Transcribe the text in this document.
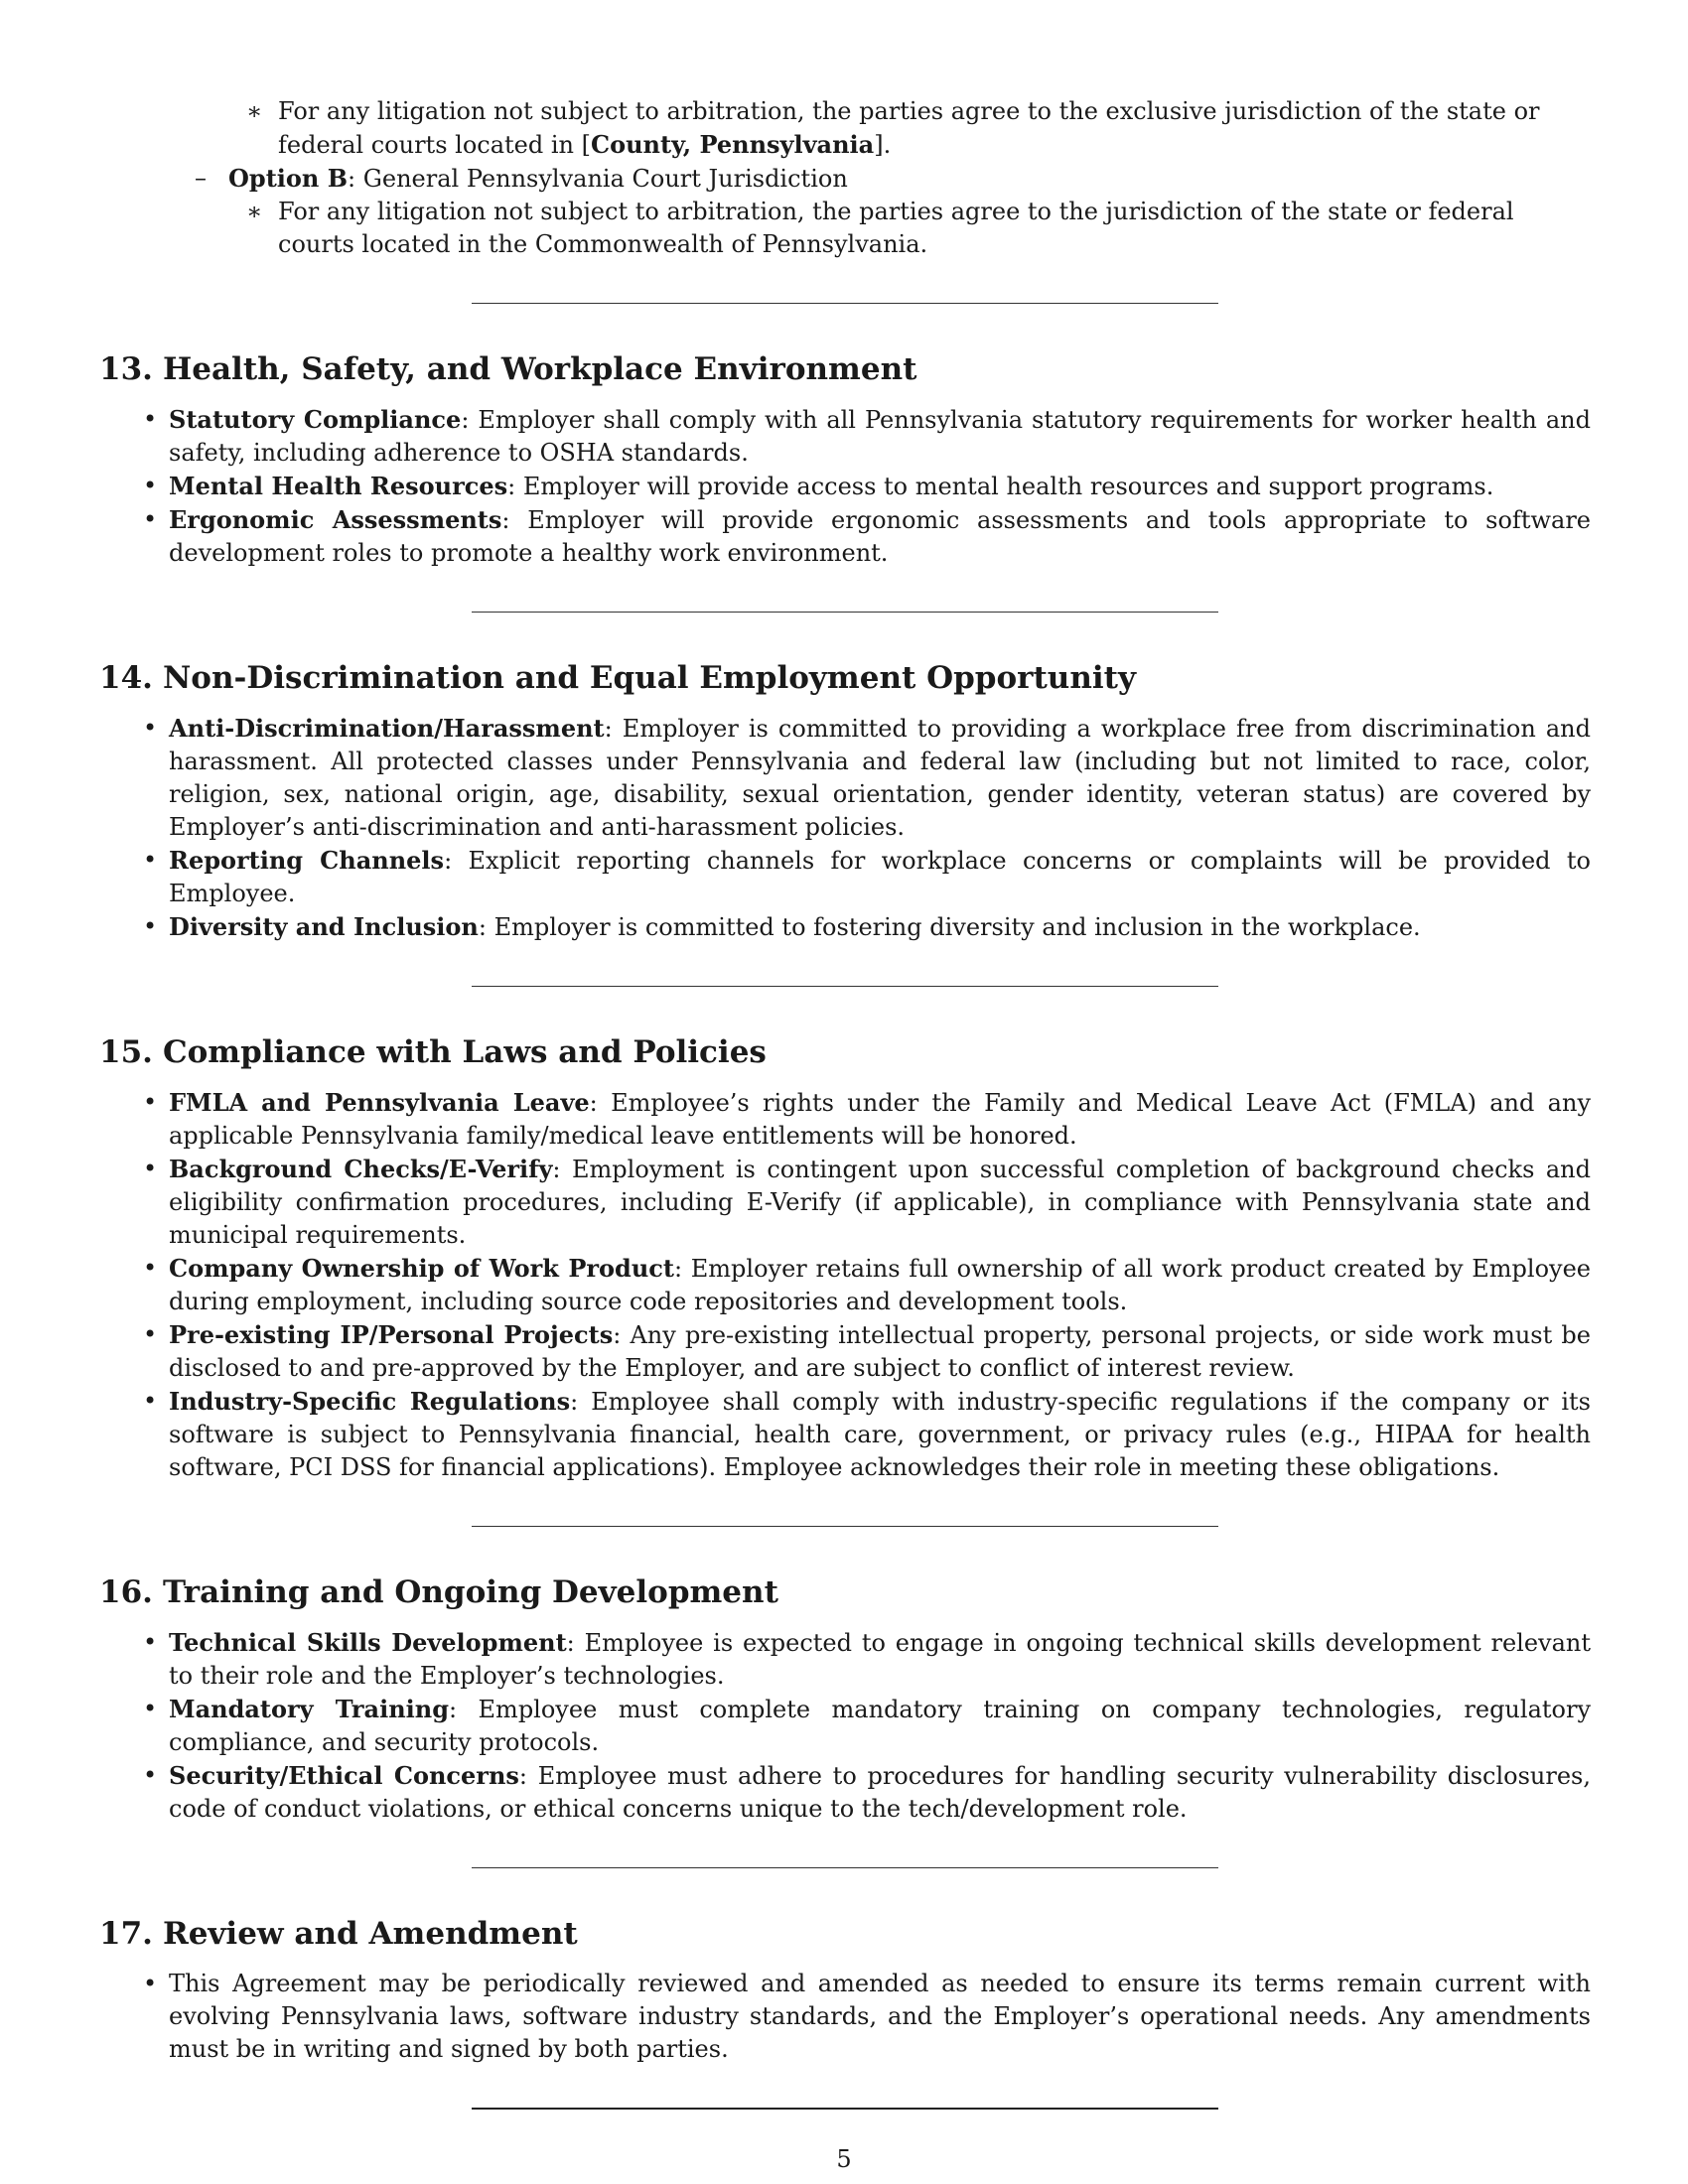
∗ For any litigation not subject to arbitration, the parties agree to the exclusive jurisdiction of the state or federal courts located in [County, Pennsylvania].
– Option B: General Pennsylvania Court Jurisdiction
∗ For any litigation not subject to arbitration, the parties agree to the jurisdiction of the state or federal courts located in the Commonwealth of Pennsylvania.
13. Health, Safety, and Workplace Environment
• Statutory Compliance: Employer shall comply with all Pennsylvania statutory requirements for worker health and safety, including adherence to OSHA standards.
• Mental Health Resources: Employer will provide access to mental health resources and support programs.
• Ergonomic Assessments: Employer will provide ergonomic assessments and tools appropriate to software development roles to promote a healthy work environment.
14. Non-Discrimination and Equal Employment Opportunity
• Anti-Discrimination/Harassment: Employer is committed to providing a workplace free from discrimination and harassment. All protected classes under Pennsylvania and federal law (including but not limited to race, color, religion, sex, national origin, age, disability, sexual orientation, gender identity, veteran status) are covered by Employer’s anti-discrimination and anti-harassment policies.
• Reporting Channels: Explicit reporting channels for workplace concerns or complaints will be provided to Employee.
• Diversity and Inclusion: Employer is committed to fostering diversity and inclusion in the workplace.
15. Compliance with Laws and Policies
• FMLA and Pennsylvania Leave: Employee’s rights under the Family and Medical Leave Act (FMLA) and any applicable Pennsylvania family/medical leave entitlements will be honored.
• Background Checks/E-Verify: Employment is contingent upon successful completion of background checks and eligibility confirmation procedures, including E-Verify (if applicable), in compliance with Pennsylvania state and municipal requirements.
• Company Ownership of Work Product: Employer retains full ownership of all work product created by Employee during employment, including source code repositories and development tools.
• Pre-existing IP/Personal Projects: Any pre-existing intellectual property, personal projects, or side work must be disclosed to and pre-approved by the Employer, and are subject to conflict of interest review.
• Industry-Specific Regulations: Employee shall comply with industry-specific regulations if the company or its software is subject to Pennsylvania financial, health care, government, or privacy rules (e.g., HIPAA for health software, PCI DSS for financial applications). Employee acknowledges their role in meeting these obligations.
16. Training and Ongoing Development
• Technical Skills Development: Employee is expected to engage in ongoing technical skills development relevant to their role and the Employer’s technologies.
• Mandatory Training: Employee must complete mandatory training on company technologies, regulatory compliance, and security protocols.
• Security/Ethical Concerns: Employee must adhere to procedures for handling security vulnerability disclosures, code of conduct violations, or ethical concerns unique to the tech/development role.
17. Review and Amendment
• This Agreement may be periodically reviewed and amended as needed to ensure its terms remain current with evolving Pennsylvania laws, software industry standards, and the Employer’s operational needs. Any amendments must be in writing and signed by both parties.
5
